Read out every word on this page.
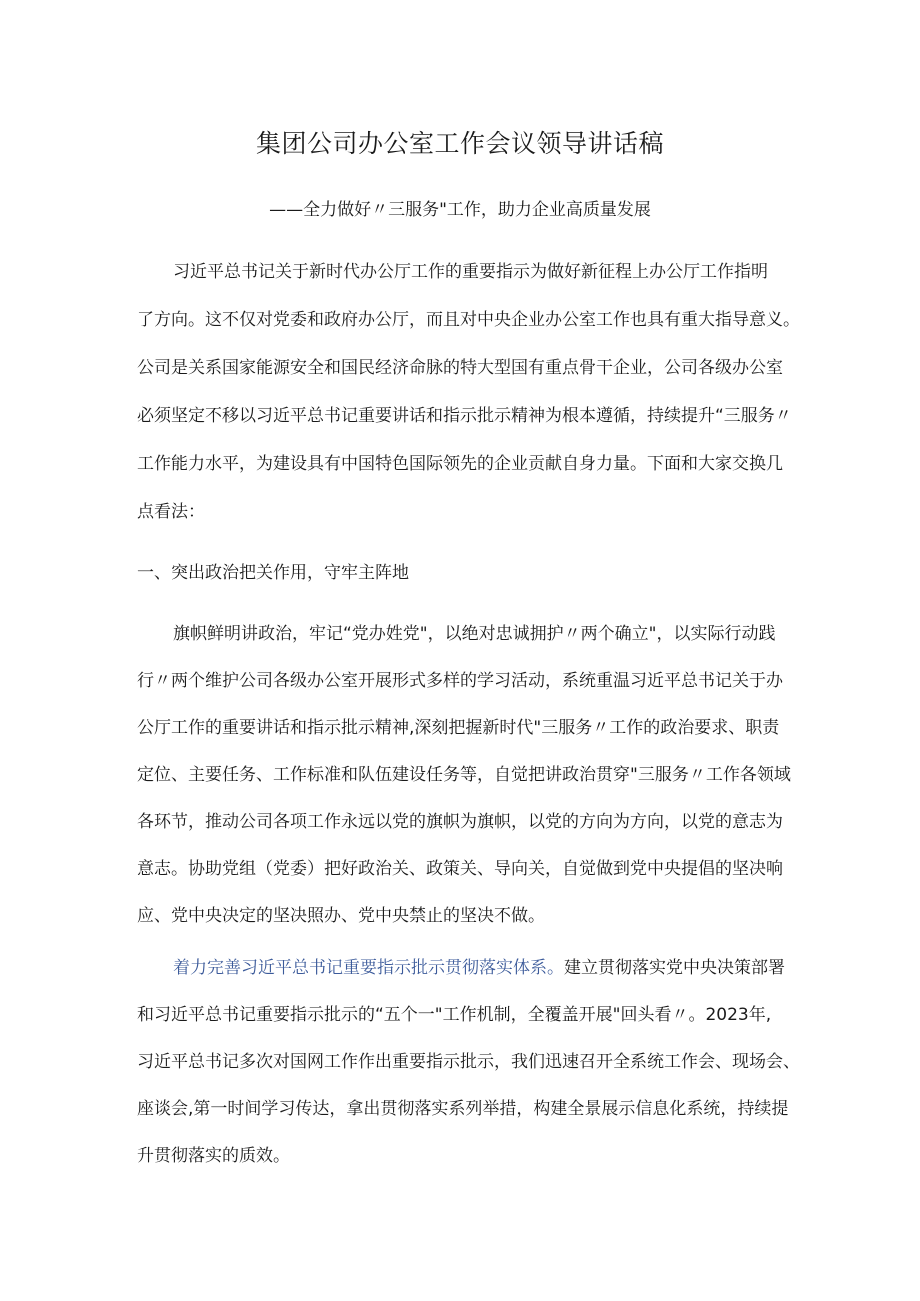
集团公司办公室工作会议领导讲话稿
——全力做好〃三服务"工作，助力企业高质量发展
习近平总书记关于新时代办公厅工作的重要指示为做好新征程上办公厅工作指明
了方向。这不仅对党委和政府办公厅，而且对中央企业办公室工作也具有重大指导意义。
公司是关系国家能源安全和国民经济命脉的特大型国有重点骨干企业，公司各级办公室
必须坚定不移以习近平总书记重要讲话和指示批示精神为根本遵循，持续提升“三服务〃
工作能力水平，为建设具有中国特色国际领先的企业贡献自身力量。下面和大家交换几
点看法：
一、突出政治把关作用，守牢主阵地
旗帜鲜明讲政治，牢记“党办姓党"，以绝对忠诚拥护〃两个确立"，以实际行动践
行〃两个维护公司各级办公室开展形式多样的学习活动，系统重温习近平总书记关于办
公厅工作的重要讲话和指示批示精神,深刻把握新时代"三服务〃工作的政治要求、职责
定位、主要任务、工作标准和队伍建设任务等，自觉把讲政治贯穿"三服务〃工作各领域
各环节，推动公司各项工作永远以党的旗帜为旗帜，以党的方向为方向，以党的意志为
意志。协助党组（党委）把好政治关、政策关、导向关，自觉做到党中央提倡的坚决响
应、党中央决定的坚决照办、党中央禁止的坚决不做。
着力完善习近平总书记重要指示批示贯彻落实体系。建立贯彻落实党中央决策部署
和习近平总书记重要指示批示的“五个一"工作机制，全覆盖开展"回头看〃。2023年,
习近平总书记多次对国网工作作出重要指示批示，我们迅速召开全系统工作会、现场会、
座谈会,第一时间学习传达，拿出贯彻落实系列举措，构建全景展示信息化系统，持续提
升贯彻落实的质效。
